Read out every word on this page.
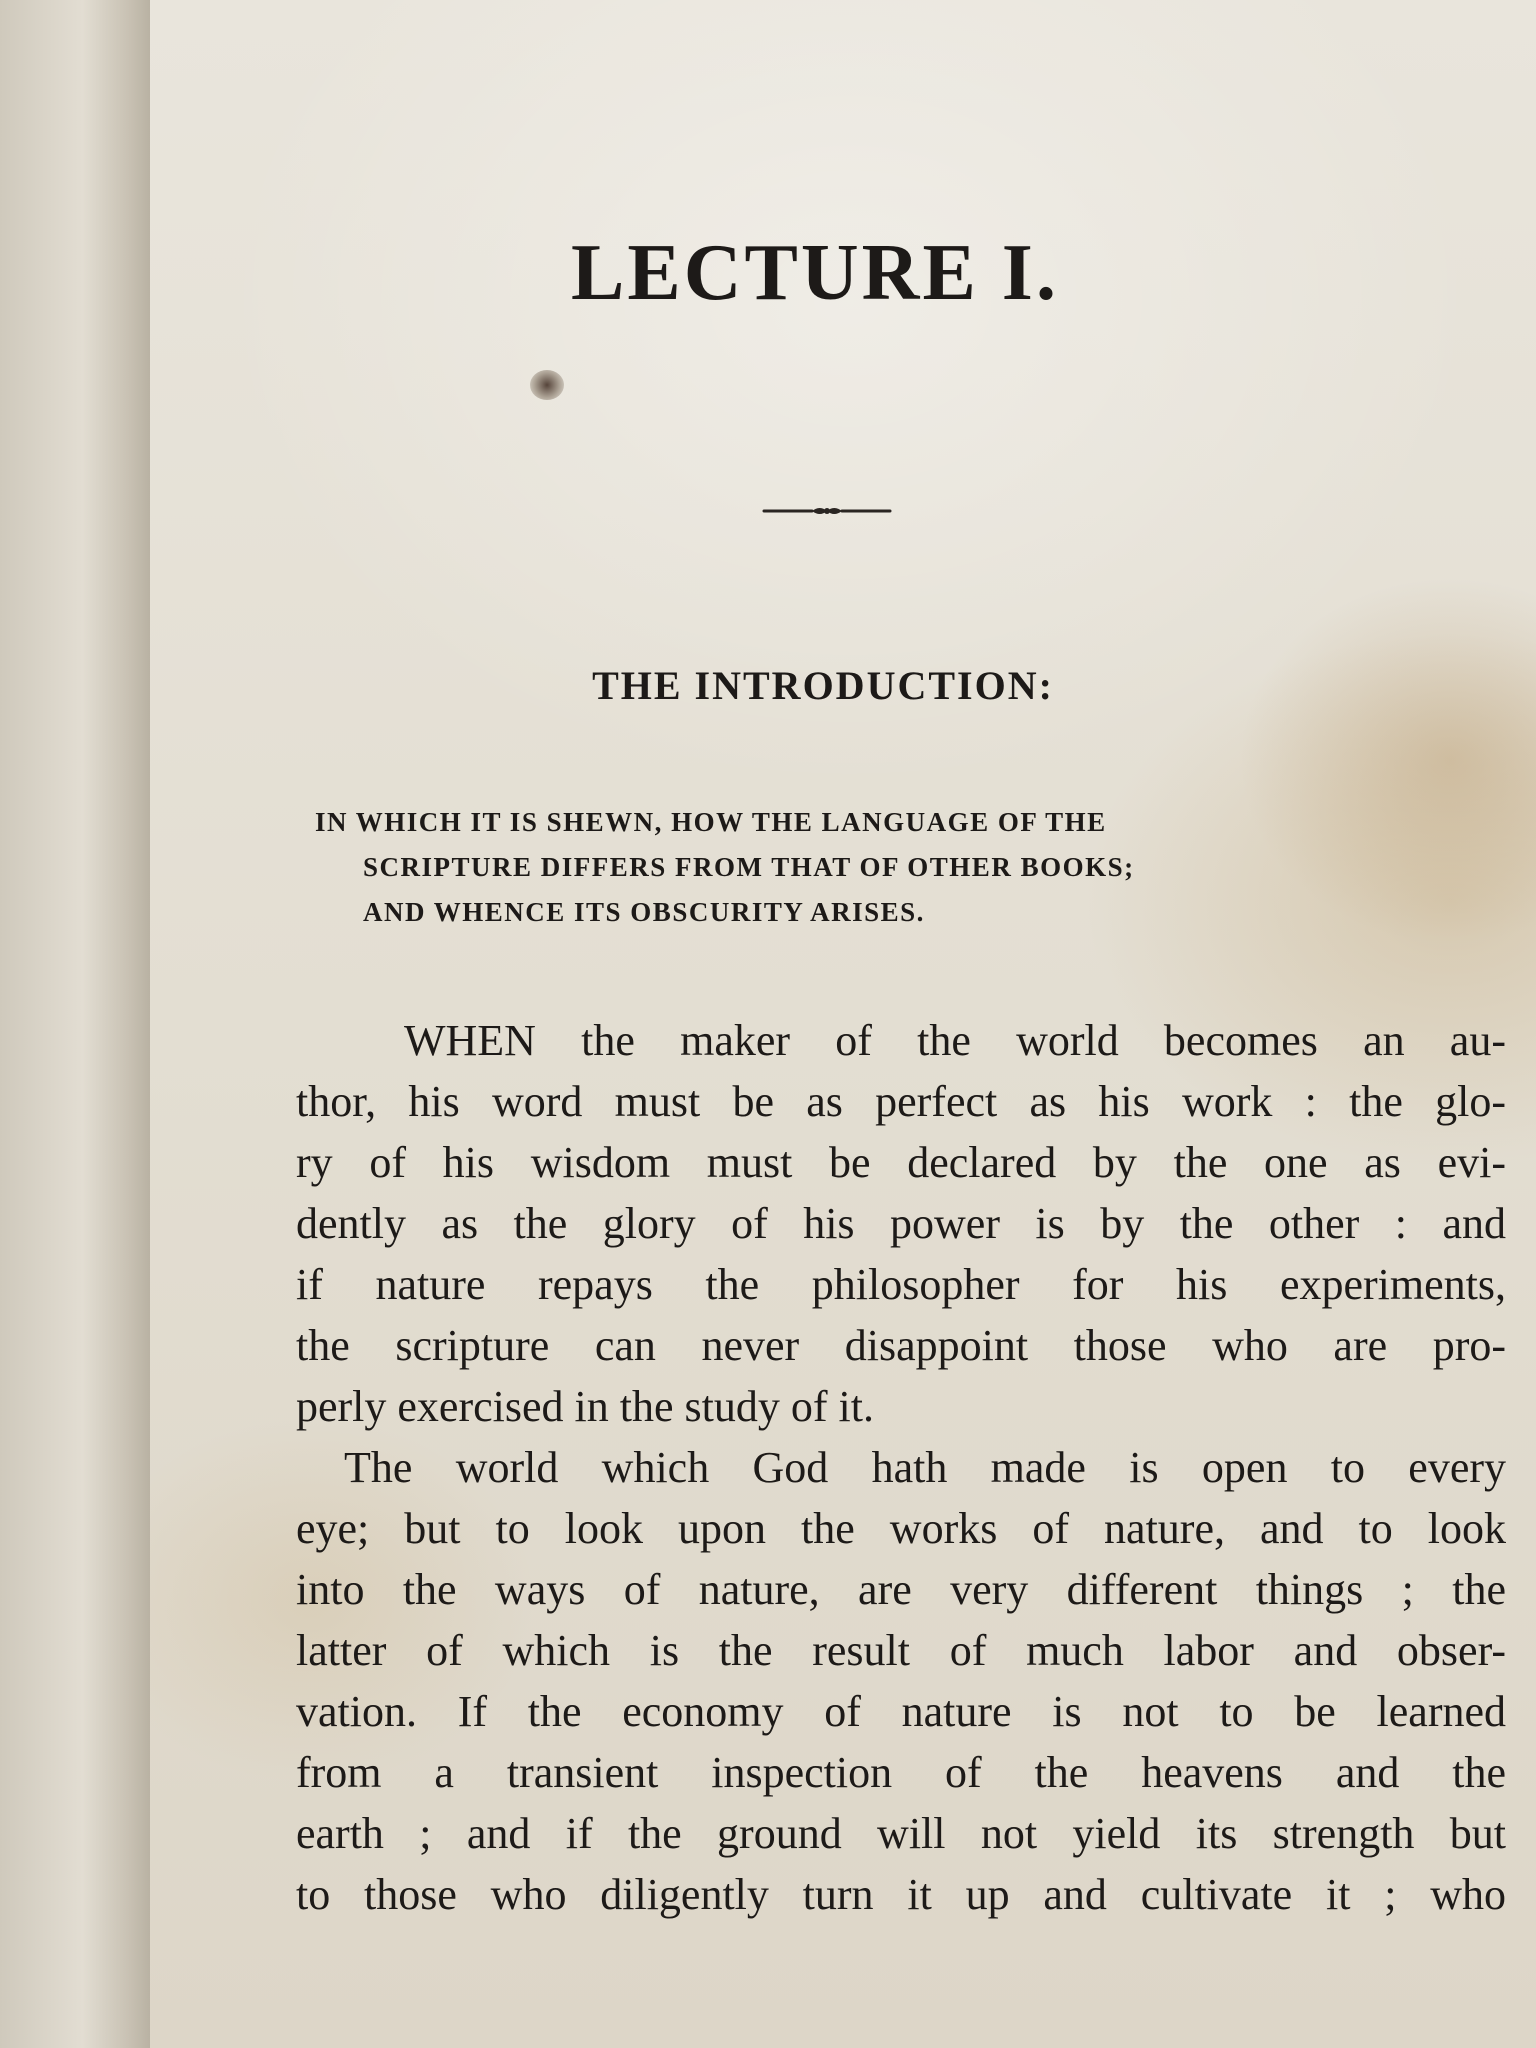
LECTURE I.
THE INTRODUCTION:

IN WHICH IT IS SHEWN, HOW THE LANGUAGE OF THE
SCRIPTURE DIFFERS FROM THAT OF OTHER BOOKS;
AND WHENCE ITS OBSCURITY ARISES.

WHEN the maker of the world becomes an au-
thor, his word must be as perfect as his work : the glo-
ry of his wisdom must be declared by the one as evi-
dently as the glory of his power is by the other : and
if nature repays the philosopher for his experiments,
the scripture can never disappoint those who are pro-
perly exercised in the study of it.
The world which God hath made is open to every
eye; but to look upon the works of nature, and to look
into the ways of nature, are very different things ; the
latter of which is the result of much labor and obser-
vation. If the economy of nature is not to be learned
from a transient inspection of the heavens and the
earth ; and if the ground will not yield its strength but
to those who diligently turn it up and cultivate it ; who
